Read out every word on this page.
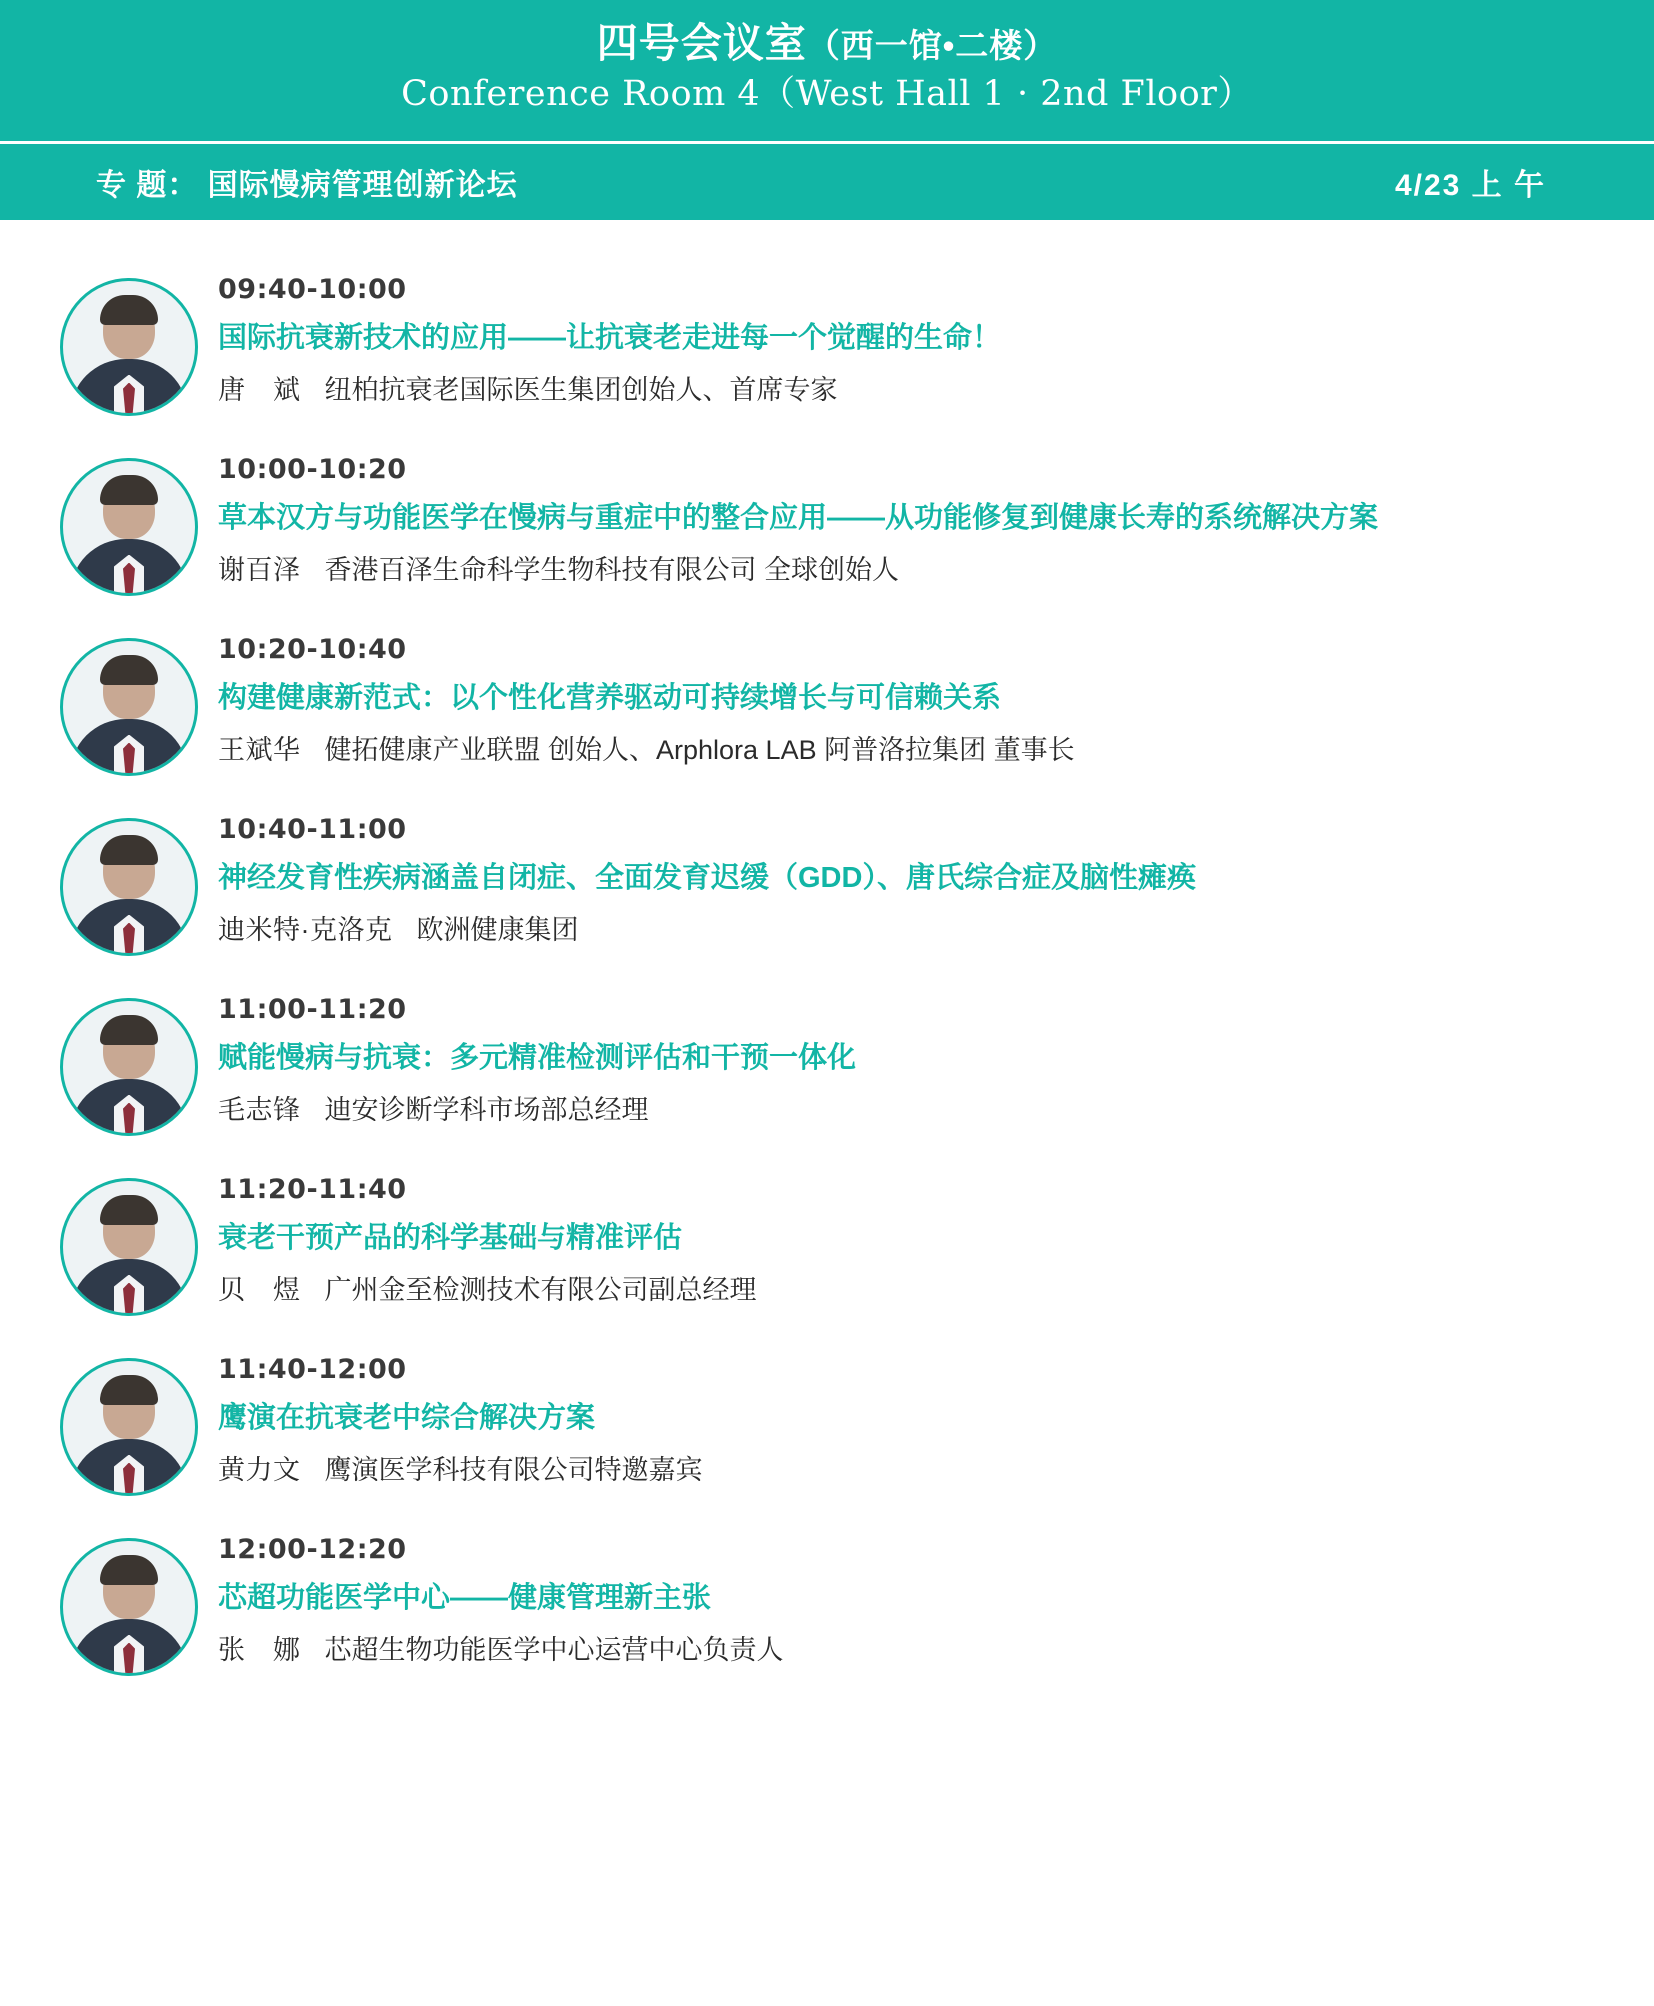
四号会议室（西一馆•二楼）
Conference Room 4（West Hall 1 · 2nd Floor）
专 题： 国际慢病管理创新论坛	4/23 上 午
09:40-10:00
国际抗衰新技术的应用——让抗衰老走进每一个觉醒的生命！
唐　斌 纽柏抗衰老国际医生集团创始人、首席专家
10:00-10:20
草本汉方与功能医学在慢病与重症中的整合应用——从功能修复到健康长寿的系统解决方案
谢百泽 香港百泽生命科学生物科技有限公司 全球创始人
10:20-10:40
构建健康新范式：以个性化营养驱动可持续增长与可信赖关系
王斌华 健拓健康产业联盟 创始人、Arphlora LAB 阿普洛拉集团 董事长
10:40-11:00
神经发育性疾病涵盖自闭症、全面发育迟缓（GDD）、唐氏综合症及脑性瘫痪
迪米特·克洛克 欧洲健康集团
11:00-11:20
赋能慢病与抗衰：多元精准检测评估和干预一体化
毛志锋 迪安诊断学科市场部总经理
11:20-11:40
衰老干预产品的科学基础与精准评估
贝　煜 广州金至检测技术有限公司副总经理
11:40-12:00
鹰演在抗衰老中综合解决方案
黄力文 鹰演医学科技有限公司特邀嘉宾
12:00-12:20
芯超功能医学中心——健康管理新主张
张　娜 芯超生物功能医学中心运营中心负责人
